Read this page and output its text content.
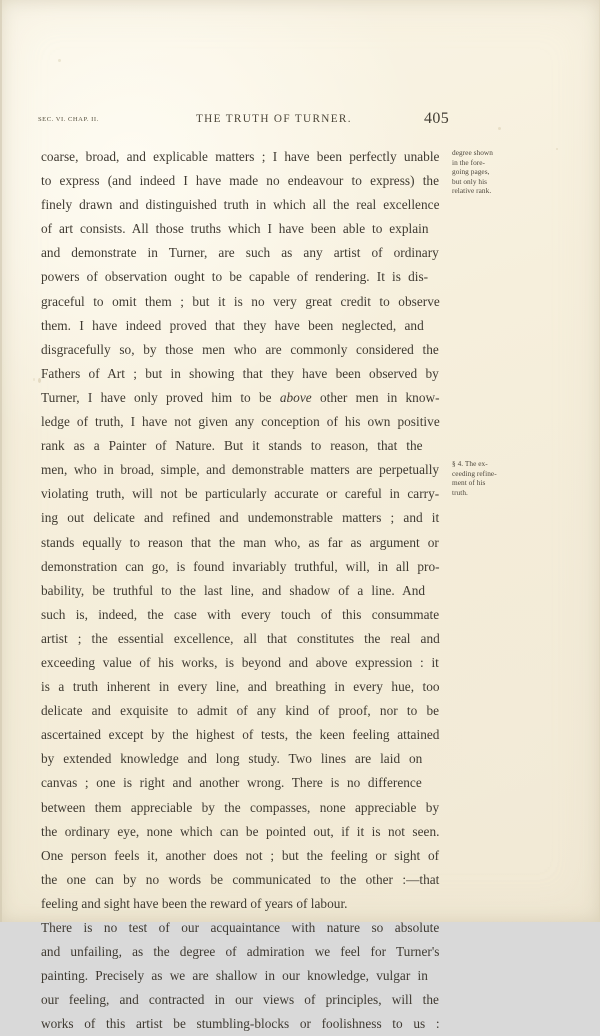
SEC. VI. CHAP. II.	THE TRUTH OF TURNER.	405
coarse, broad, and explicable matters ; I have been perfectly unable
to express (and indeed I have made no endeavour to express) the
finely drawn and distinguished truth in which all the real excellence
of art consists. All those truths which I have been able to explain
and demonstrate in Turner, are such as any artist of ordinary
powers of observation ought to be capable of rendering. It is dis-
graceful to omit them ; but it is no very great credit to observe
them. I have indeed proved that they have been neglected, and
disgracefully so, by those men who are commonly considered the
Fathers of Art ; but in showing that they have been observed by
Turner, I have only proved him to be above other men in know-
ledge of truth, I have not given any conception of his own positive
rank as a Painter of Nature. But it stands to reason, that the
men, who in broad, simple, and demonstrable matters are perpetually
violating truth, will not be particularly accurate or careful in carry-
ing out delicate and refined and undemonstrable matters ; and it
stands equally to reason that the man who, as far as argument or
demonstration can go, is found invariably truthful, will, in all pro-
bability, be truthful to the last line, and shadow of a line. And
such is, indeed, the case with every touch of this consummate
artist ; the essential excellence, all that constitutes the real and
exceeding value of his works, is beyond and above expression : it
is a truth inherent in every line, and breathing in every hue, too
delicate and exquisite to admit of any kind of proof, nor to be
ascertained except by the highest of tests, the keen feeling attained
by extended knowledge and long study. Two lines are laid on
canvas ; one is right and another wrong. There is no difference
between them appreciable by the compasses, none appreciable by
the ordinary eye, none which can be pointed out, if it is not seen.
One person feels it, another does not ; but the feeling or sight of
the one can by no words be communicated to the other :—that
feeling and sight have been the reward of years of labour.
There is no test of our acquaintance with nature so absolute
and unfailing, as the degree of admiration we feel for Turner's
painting. Precisely as we are shallow in our knowledge, vulgar in
our feeling, and contracted in our views of principles, will the
works of this artist be stumbling-blocks or foolishness to us :
degree shown
in the fore-
going pages,
but only his
relative rank.
§ 4. The ex-
ceeding refine-
ment of his
truth.
